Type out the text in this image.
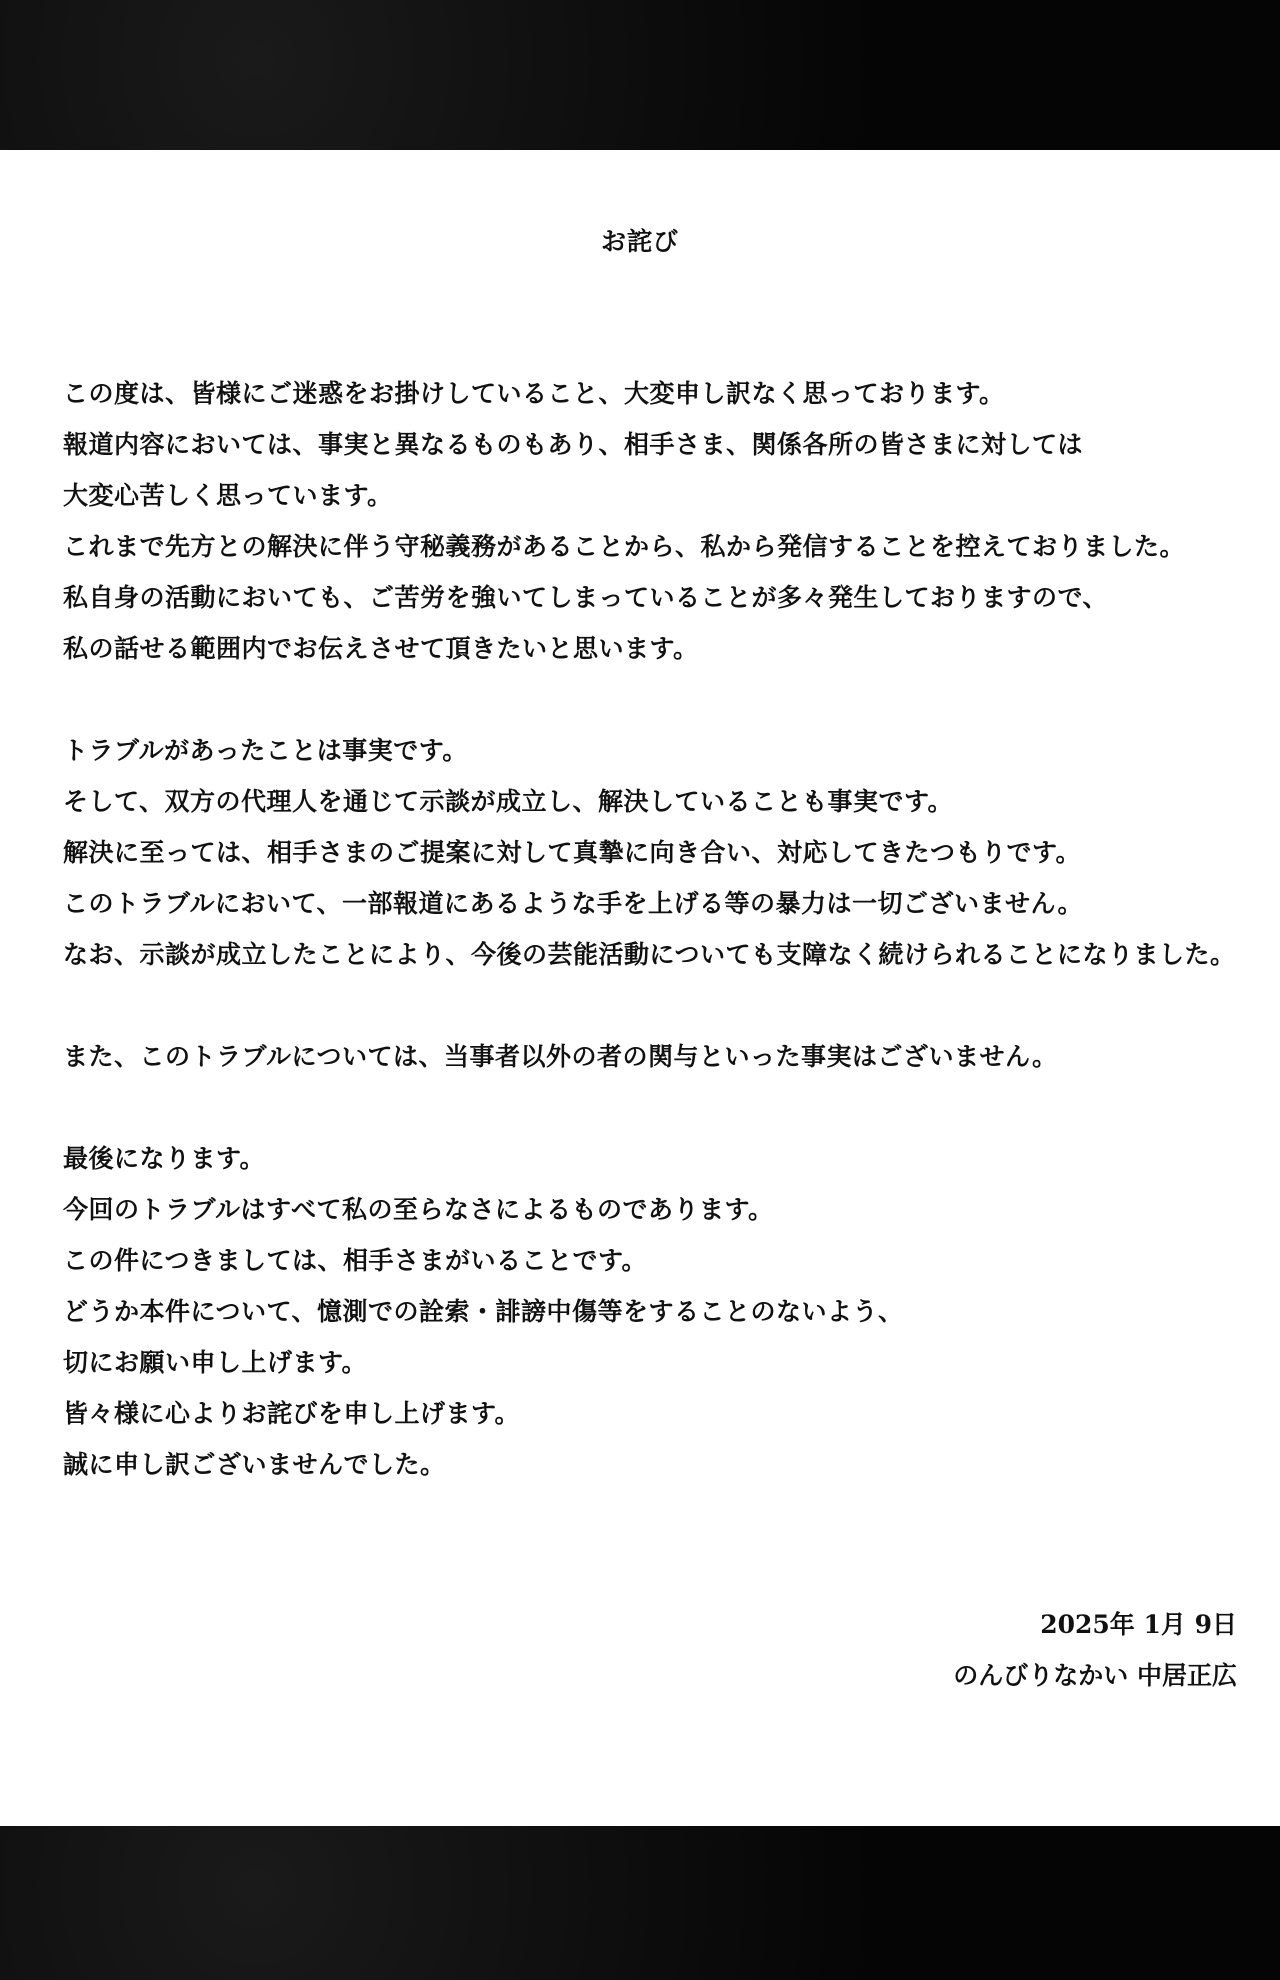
お詫び
この度は、皆様にご迷惑をお掛けしていること、大変申し訳なく思っております。
報道内容においては、事実と異なるものもあり、相手さま、関係各所の皆さまに対しては
大変心苦しく思っています。
これまで先方との解決に伴う守秘義務があることから、私から発信することを控えておりました。
私自身の活動においても、ご苦労を強いてしまっていることが多々発生しておりますので、
私の話せる範囲内でお伝えさせて頂きたいと思います。
トラブルがあったことは事実です。
そして、双方の代理人を通じて示談が成立し、解決していることも事実です。
解決に至っては、相手さまのご提案に対して真摯に向き合い、対応してきたつもりです。
このトラブルにおいて、一部報道にあるような手を上げる等の暴力は一切ございません。
なお、示談が成立したことにより、今後の芸能活動についても支障なく続けられることになりました。
また、このトラブルについては、当事者以外の者の関与といった事実はございません。
最後になります。
今回のトラブルはすべて私の至らなさによるものであります。
この件につきましては、相手さまがいることです。
どうか本件について、憶測での詮索・誹謗中傷等をすることのないよう、
切にお願い申し上げます。
皆々様に心よりお詫びを申し上げます。
誠に申し訳ございませんでした。
2025年 1月 9日
のんびりなかい 中居正広
